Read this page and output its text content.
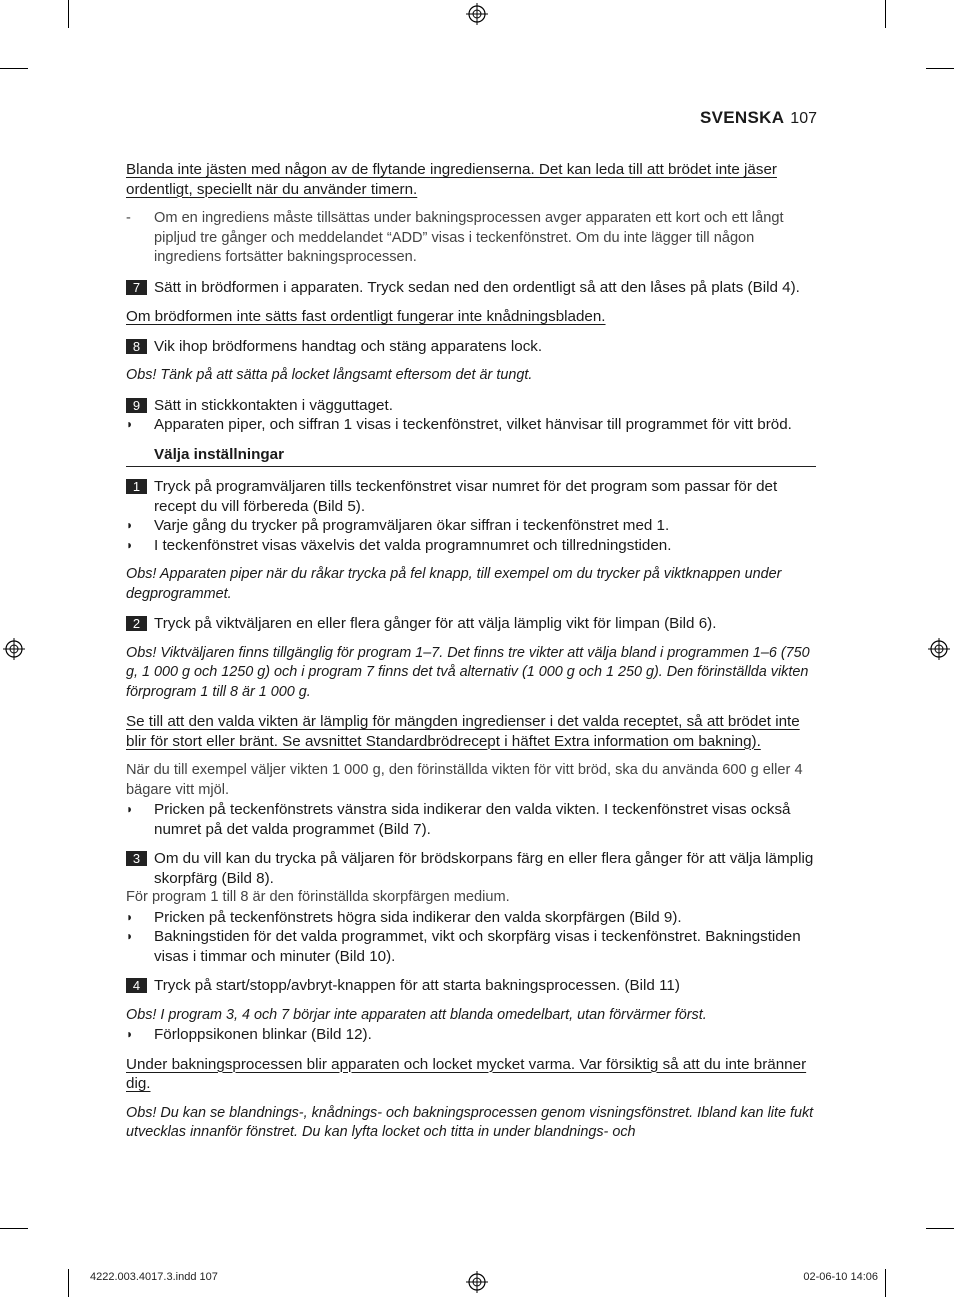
SVENSKA 107
Blanda inte jästen med någon av de flytande ingredienserna. Det kan leda till att brödet inte jäser ordentligt, speciellt när du använder timern.
- Om en ingrediens måste tillsättas under bakningsprocessen avger apparaten ett kort och ett långt pipljud tre gånger och meddelandet “ADD” visas i teckenfönstret. Om du inte lägger till någon ingrediens fortsätter bakningsprocessen.
7 Sätt in brödformen i apparaten. Tryck sedan ned den ordentligt så att den låses på plats (Bild 4).
Om brödformen inte sätts fast ordentligt fungerar inte knådningsbladen.
8 Vik ihop brödformens handtag och stäng apparatens lock.
Obs! Tänk på att sätta på locket långsamt eftersom det är tungt.
9 Sätt in stickkontakten i vägguttaget.
◗ Apparaten piper, och siffran 1 visas i teckenfönstret, vilket hänvisar till programmet för vitt bröd.
Välja inställningar
1 Tryck på programväljaren tills teckenfönstret visar numret för det program som passar för det recept du vill förbereda (Bild 5).
◗ Varje gång du trycker på programväljaren ökar siffran i teckenfönstret med 1.
◗ I teckenfönstret visas växelvis det valda programnumret och tillredningstiden.
Obs! Apparaten piper när du råkar trycka på fel knapp, till exempel om du trycker på viktknappen under degprogrammet.
2 Tryck på viktväljaren en eller flera gånger för att välja lämplig vikt för limpan (Bild 6).
Obs! Viktväljaren finns tillgänglig för program 1–7. Det finns tre vikter att välja bland i programmen 1–6 (750 g, 1 000 g och 1250 g) och i program 7 finns det två alternativ (1 000 g och 1 250 g). Den förinställda vikten förprogram 1 till 8 är 1 000 g.
Se till att den valda vikten är lämplig för mängden ingredienser i det valda receptet, så att brödet inte blir för stort eller bränt. Se avsnittet Standardbrödrecept i häftet Extra information om bakning).
När du till exempel väljer vikten 1 000 g, den förinställda vikten för vitt bröd, ska du använda 600 g eller 4 bägare vitt mjöl.
◗ Pricken på teckenfönstrets vänstra sida indikerar den valda vikten. I teckenfönstret visas också numret på det valda programmet (Bild 7).
3 Om du vill kan du trycka på väljaren för brödskorpans färg en eller flera gånger för att välja lämplig skorpfärg (Bild 8).
För program 1 till 8 är den förinställda skorpfärgen medium.
◗ Pricken på teckenfönstrets högra sida indikerar den valda skorpfärgen (Bild 9).
◗ Bakningstiden för det valda programmet, vikt och skorpfärg visas i teckenfönstret. Bakningstiden visas i timmar och minuter (Bild 10).
4 Tryck på start/stopp/avbryt-knappen för att starta bakningsprocessen. (Bild 11)
Obs! I program 3, 4 och 7 börjar inte apparaten att blanda omedelbart, utan förvärmer först.
◗ Förloppsikonen blinkar (Bild 12).
Under bakningsprocessen blir apparaten och locket mycket varma. Var försiktig så att du inte bränner dig.
Obs! Du kan se blandnings-, knådnings- och bakningsprocessen genom visningsfönstret. Ibland kan lite fukt utvecklas innanför fönstret. Du kan lyfta locket och titta in under blandnings- och
4222.003.4017.3.indd 107	02-06-10 14:06
